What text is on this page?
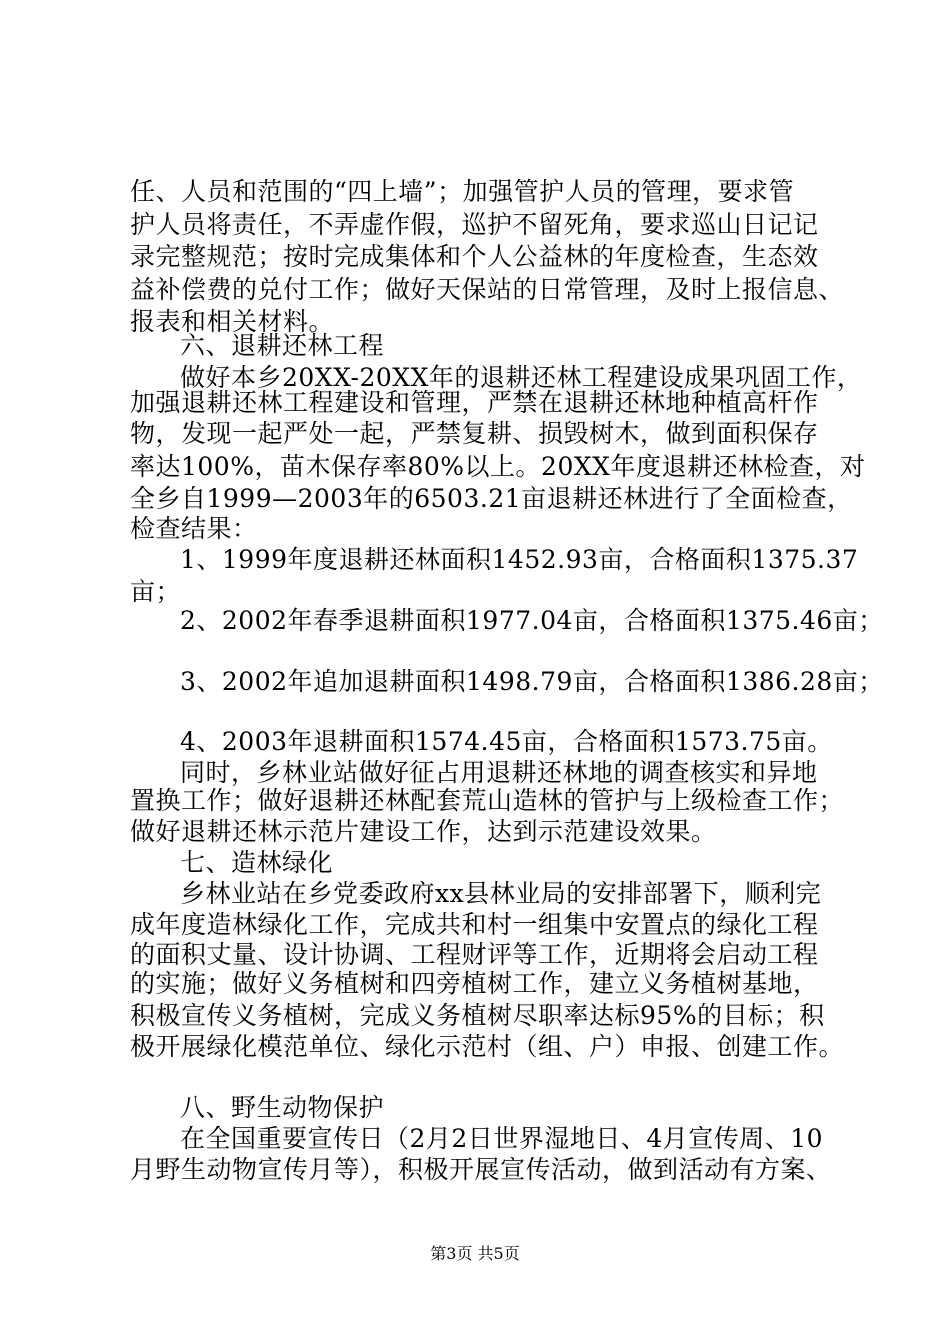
任、人员和范围的“四上墙”；加强管护人员的管理，要求管
护人员将责任，不弄虚作假，巡护不留死角，要求巡山日记记
录完整规范；按时完成集体和个人公益林的年度检查，生态效
益补偿费的兑付工作；做好天保站的日常管理，及时上报信息、
报表和相关材料。
六、退耕还林工程
做好本乡20XX-20XX年的退耕还林工程建设成果巩固工作，
加强退耕还林工程建设和管理，严禁在退耕还林地种植高杆作
物，发现一起严处一起，严禁复耕、损毁树木，做到面积保存
率达100%，苗木保存率80%以上。20XX年度退耕还林检查，对
全乡自1999—2003年的6503.21亩退耕还林进行了全面检查，
检查结果：
1、1999年度退耕还林面积1452.93亩，合格面积1375.37
亩；
2、2002年春季退耕面积1977.04亩，合格面积1375.46亩；
3、2002年追加退耕面积1498.79亩，合格面积1386.28亩；
4、2003年退耕面积1574.45亩，合格面积1573.75亩。
同时，乡林业站做好征占用退耕还林地的调查核实和异地
置换工作；做好退耕还林配套荒山造林的管护与上级检查工作；
做好退耕还林示范片建设工作，达到示范建设效果。
七、造林绿化
乡林业站在乡党委政府xx县林业局的安排部署下，顺利完
成年度造林绿化工作，完成共和村一组集中安置点的绿化工程
的面积丈量、设计协调、工程财评等工作，近期将会启动工程
的实施；做好义务植树和四旁植树工作，建立义务植树基地，
积极宣传义务植树，完成义务植树尽职率达标95%的目标；积
极开展绿化模范单位、绿化示范村（组、户）申报、创建工作。
八、野生动物保护
在全国重要宣传日（2月2日世界湿地日、4月宣传周、10
月野生动物宣传月等），积极开展宣传活动，做到活动有方案、
第3页 共5页
